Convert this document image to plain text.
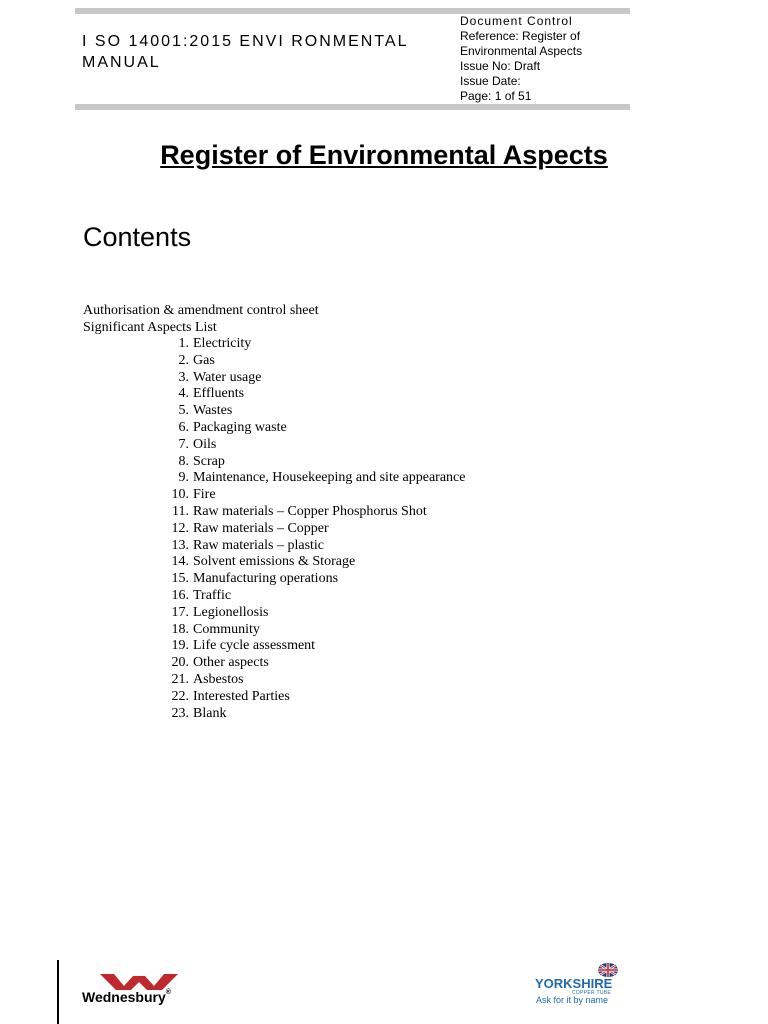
I SO 14001:2015 ENVI RONMENTAL
MANUAL
Document Control
Reference: Register of
Environmental Aspects
Issue No: Draft
Issue Date:
Page: 1 of 51
Register of Environmental Aspects
Contents
Authorisation & amendment control sheet
Significant Aspects List
1. Electricity
2. Gas
3. Water usage
4. Effluents
5. Wastes
6. Packaging waste
7. Oils
8. Scrap
9. Maintenance, Housekeeping and site appearance
10. Fire
11. Raw materials – Copper Phosphorus Shot
12. Raw materials – Copper
13. Raw materials – plastic
14. Solvent emissions & Storage
15. Manufacturing operations
16. Traffic
17. Legionellosis
18. Community
19. Life cycle assessment
20. Other aspects
21. Asbestos
22. Interested Parties
23. Blank
Wednesbury®
YORKSHIRE
COPPER TUBE
Ask for it by name
